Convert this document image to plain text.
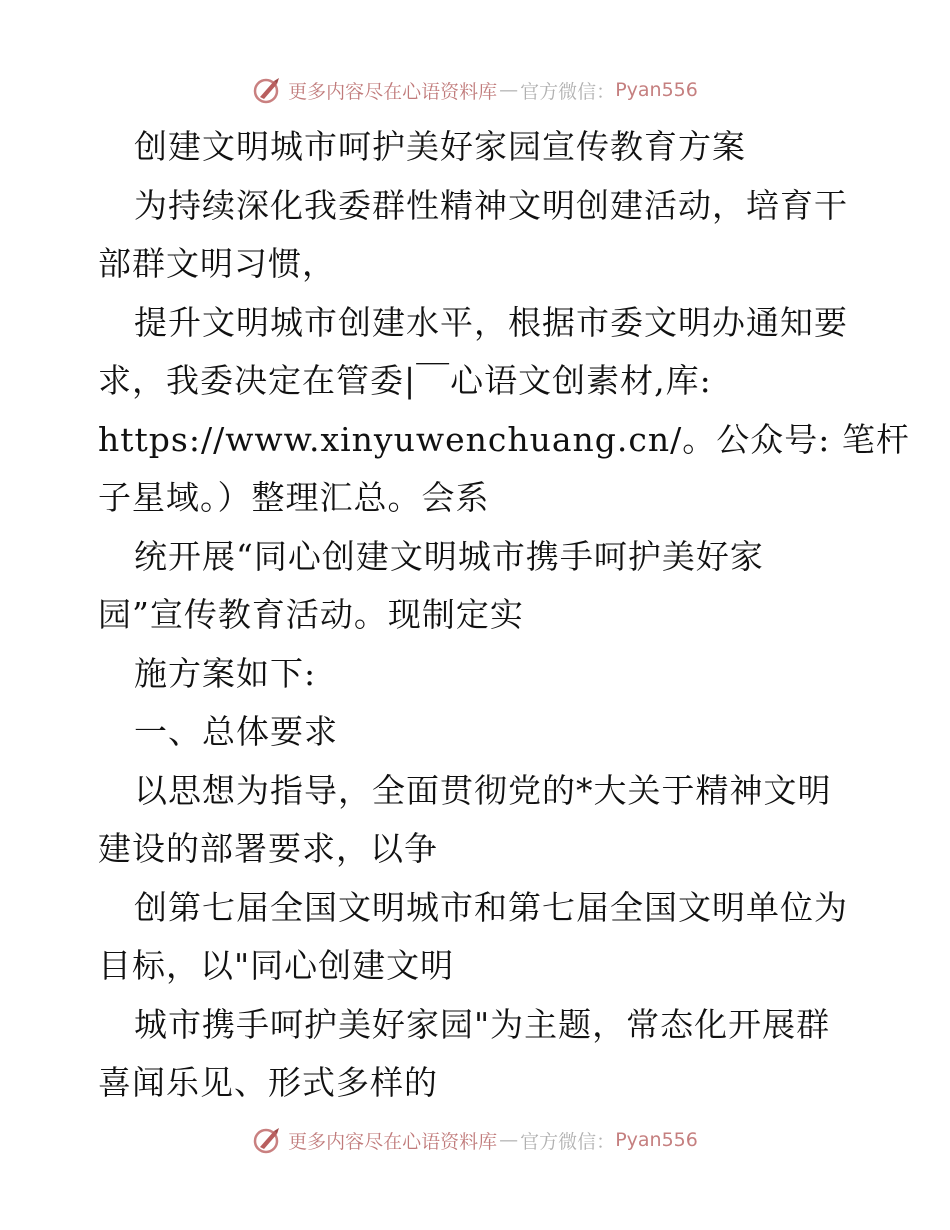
更多内容尽在心语资料库 — 官方微信： Pyan556
创建文明城市呵护美好家园宣传教育方案
为持续深化我委群性精神文明创建活动，培育干
部群文明习惯，
提升文明城市创建水平，根据市委文明办通知要
求，我委决定在管委|￣心语文创素材,库:
https://www.xinyuwenchuang.cn/。公众号: 笔杆
子星域。）整理汇总。会系
统开展“同心创建文明城市携手呵护美好家
园”宣传教育活动。现制定实
施方案如下:
一、总体要求
以思想为指导，全面贯彻党的*大关于精神文明
建设的部署要求，以争
创第七届全国文明城市和第七届全国文明单位为
目标，以"同心创建文明
城市携手呵护美好家园"为主题，常态化开展群
喜闻乐见、形式多样的
更多内容尽在心语资料库 — 官方微信： Pyan556
